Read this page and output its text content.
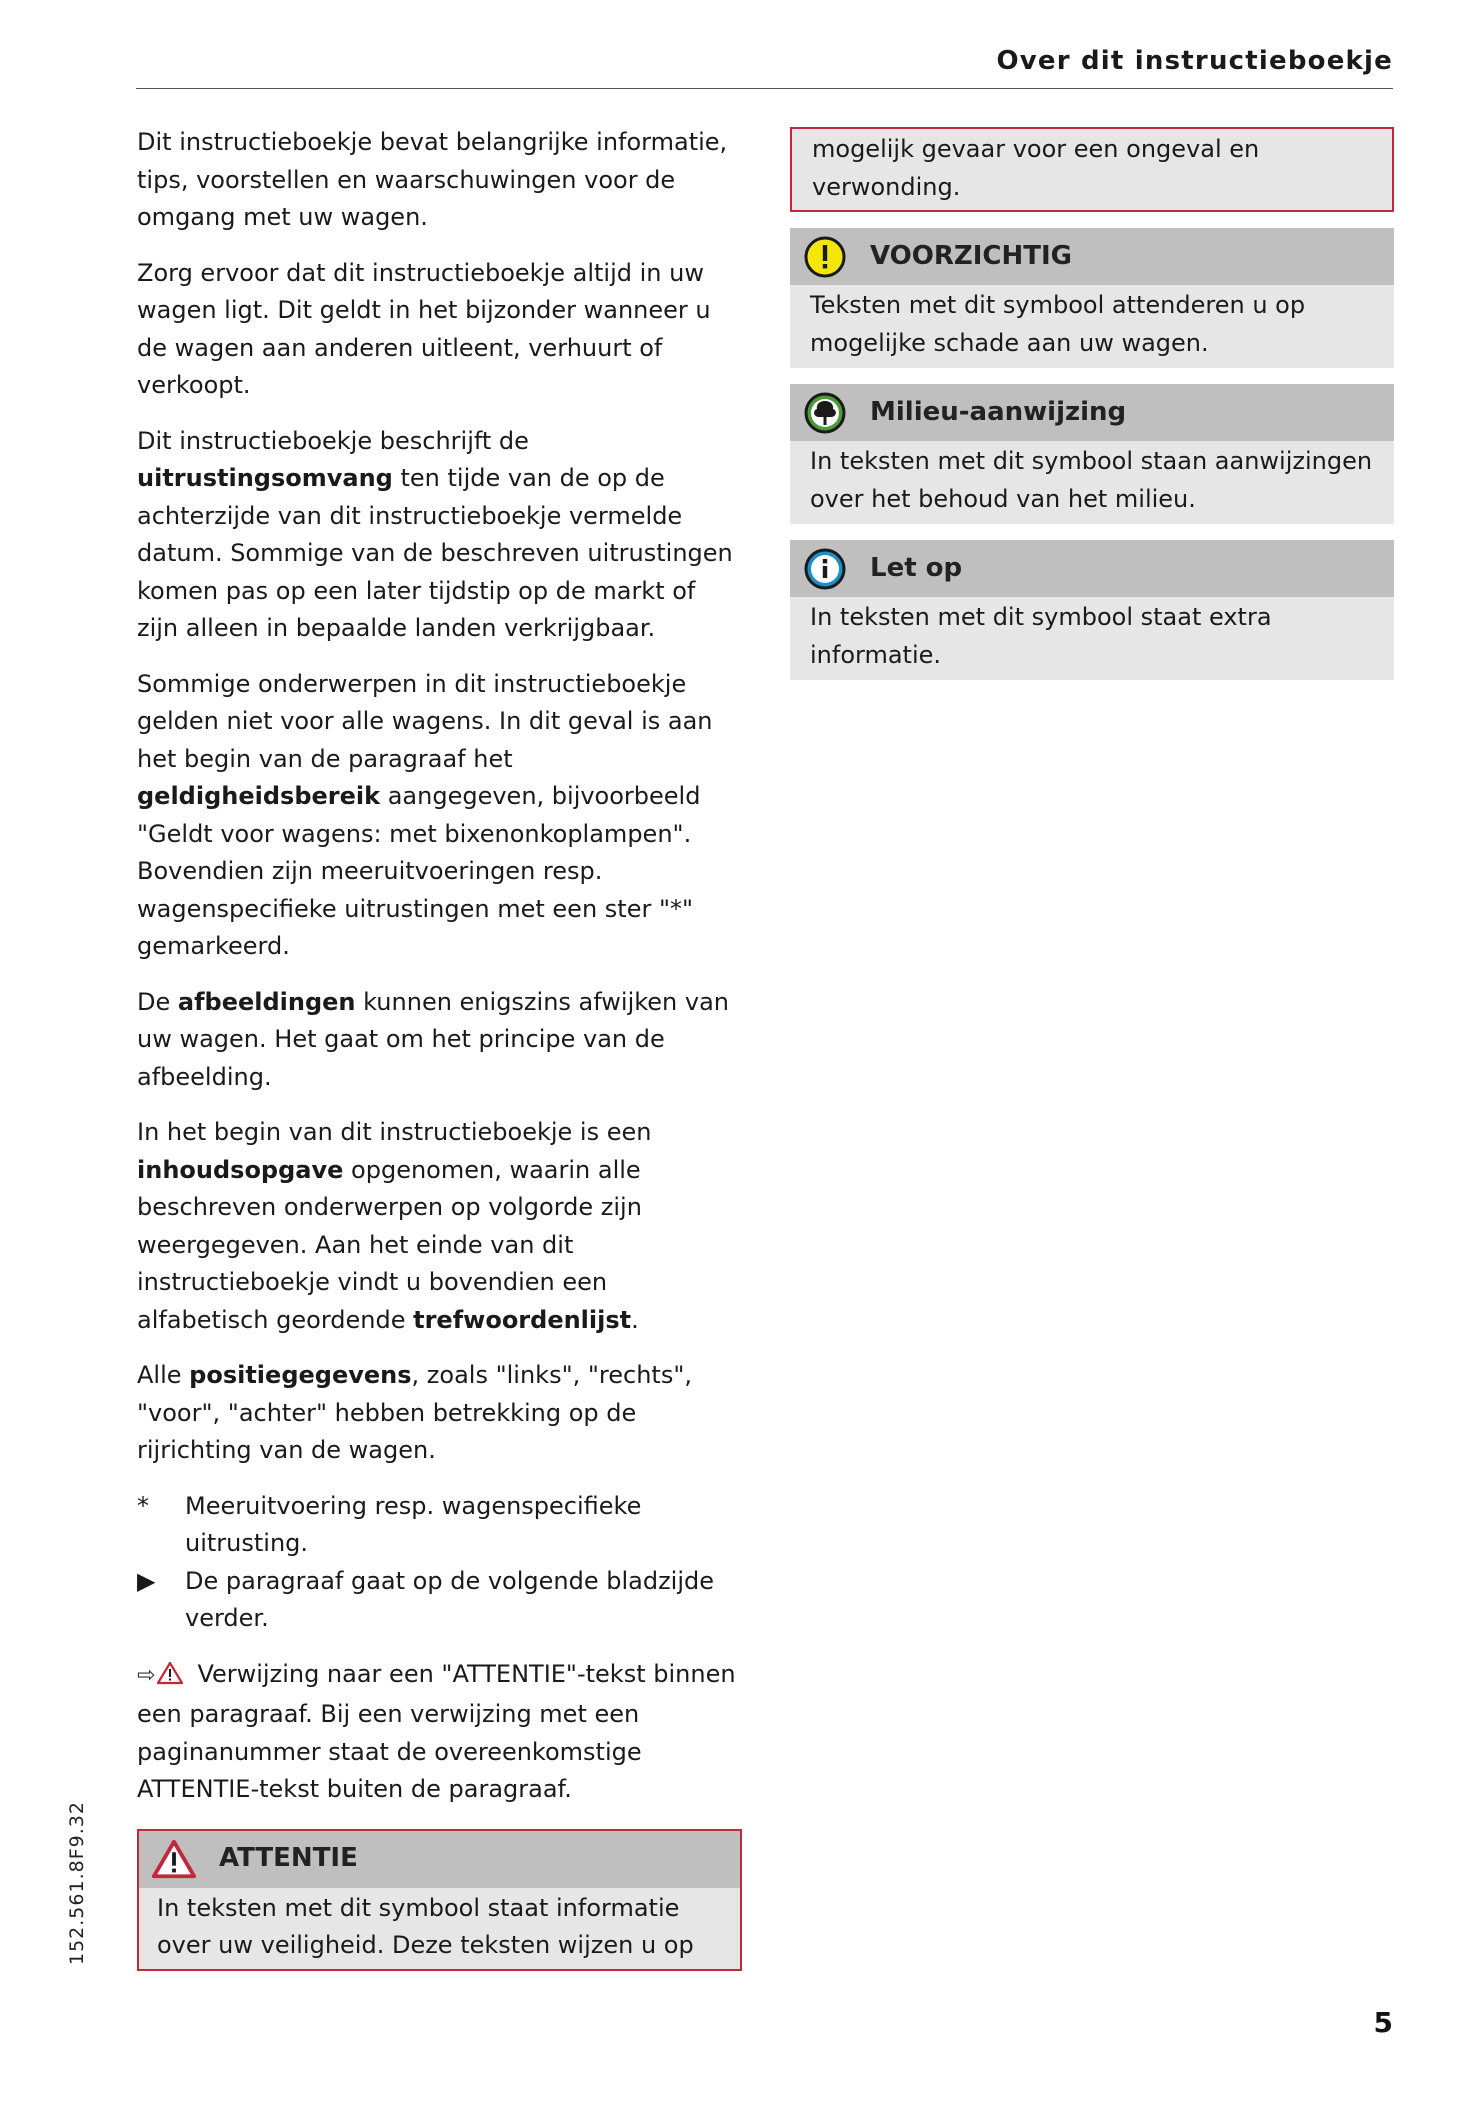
Over dit instructieboekje

Dit instructieboekje bevat belangrijke informatie, tips, voorstellen en waarschuwingen voor de omgang met uw wagen.

Zorg ervoor dat dit instructieboekje altijd in uw wagen ligt. Dit geldt in het bijzonder wanneer u de wagen aan anderen uitleent, verhuurt of verkoopt.

Dit instructieboekje beschrijft de uitrustingsomvang ten tijde van de op de achterzijde van dit instructieboekje vermelde datum. Sommige van de beschreven uitrustingen komen pas op een later tijdstip op de markt of zijn alleen in bepaalde landen verkrijgbaar.

Sommige onderwerpen in dit instructieboekje gelden niet voor alle wagens. In dit geval is aan het begin van de paragraaf het geldigheidsbereik aangegeven, bijvoorbeeld "Geldt voor wagens: met bixenonkoplampen". Bovendien zijn meeruitvoeringen resp. wagenspecifieke uitrustingen met een ster "*" gemarkeerd.

De afbeeldingen kunnen enigszins afwijken van uw wagen. Het gaat om het principe van de afbeelding.

In het begin van dit instructieboekje is een inhoudsopgave opgenomen, waarin alle beschreven onderwerpen op volgorde zijn weergegeven. Aan het einde van dit instructieboekje vindt u bovendien een alfabetisch geordende trefwoordenlijst.

Alle positiegegevens, zoals "links", "rechts", "voor", "achter" hebben betrekking op de rijrichting van de wagen.

*	Meeruitvoering resp. wagenspecifieke uitrusting.
▶	De paragraaf gaat op de volgende bladzijde verder.

⇨ Verwijzing naar een "ATTENTIE"-tekst binnen een paragraaf. Bij een verwijzing met een paginanummer staat de overeenkomstige ATTENTIE-tekst buiten de paragraaf.

ATTENTIE
In teksten met dit symbool staat informatie over uw veiligheid. Deze teksten wijzen u op
mogelijk gevaar voor een ongeval en verwonding.
VOORZICHTIG
Teksten met dit symbool attenderen u op mogelijke schade aan uw wagen.
Milieu-aanwijzing
In teksten met dit symbool staan aanwijzingen over het behoud van het milieu.
Let op
In teksten met dit symbool staat extra informatie.
152.561.8F9.32
5
